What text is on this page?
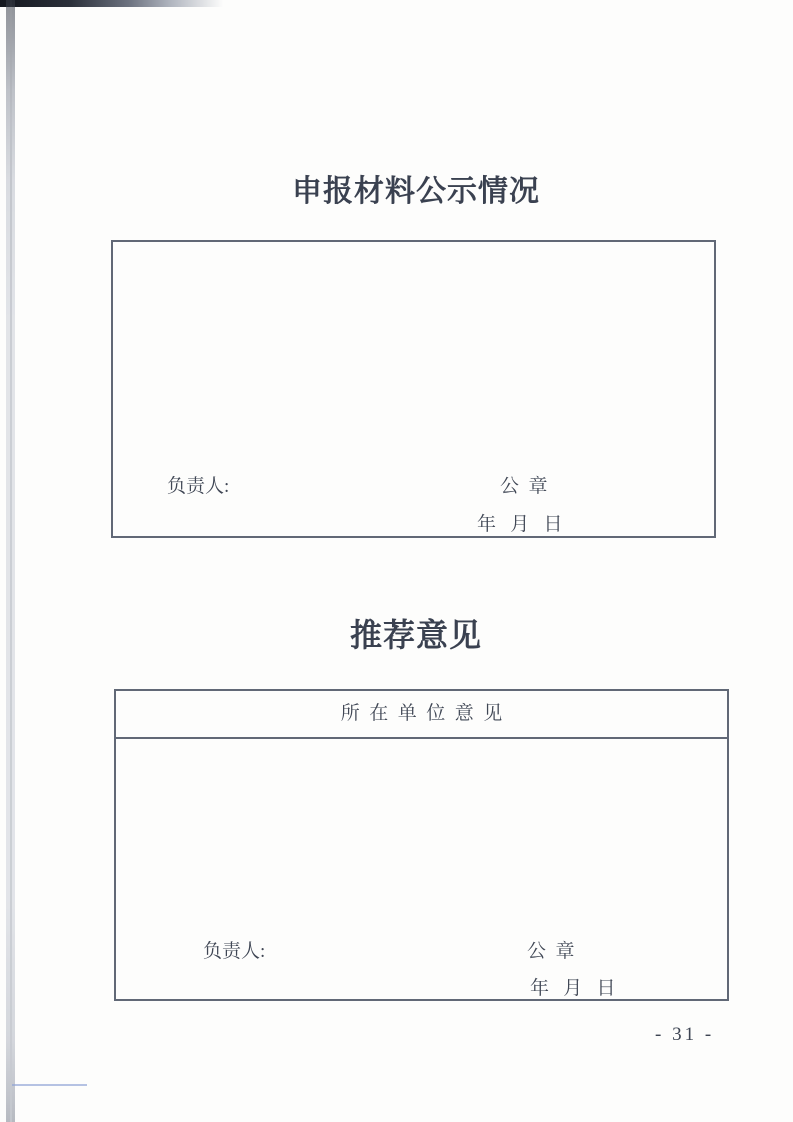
申报材料公示情况
负责人:	公  章
年   月   日
推荐意见
所  在  单  位  意  见
负责人:	公  章
年   月   日
- 31 -
